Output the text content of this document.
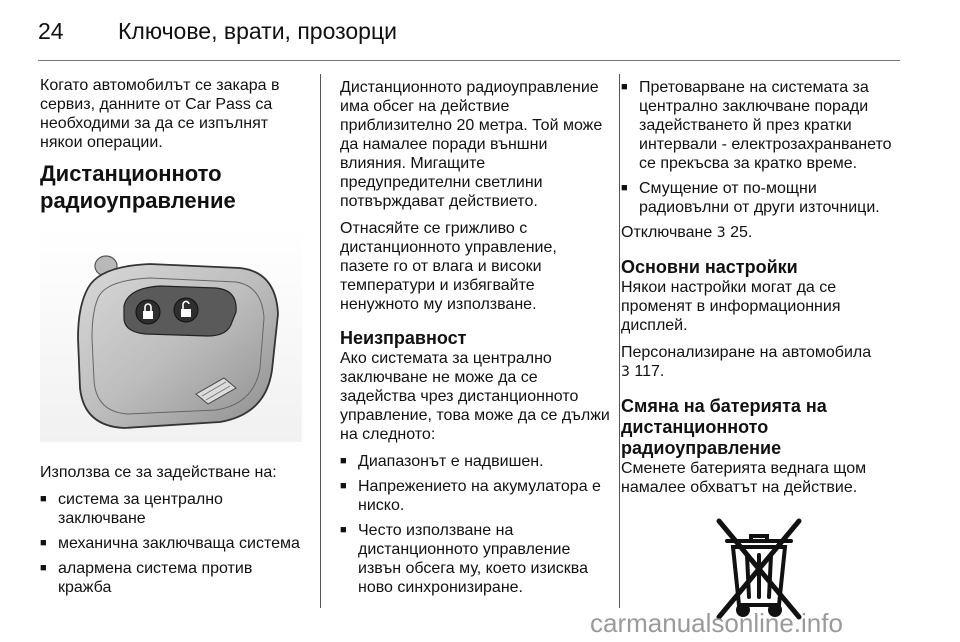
24 Ключове, врати, прозорци

Когато автомобилът се закара в сервиз, данните от Car Pass са необходими за да се изпълнят някои операции.

Дистанционното радиоуправление

Използва се за задействане на:

■ система за централно заключване
■ механична заключваща система
■ алармена система против кражба

Дистанционното радиоуправление има обсег на действие приблизително 20 метра. Той може да намалее поради външни влияния. Мигащите предупредителни светлини потвърждават действието.

Отнасяйте се грижливо с дистанционното управление, пазете го от влага и високи температури и избягвайте ненужното му използване.

Неизправност

Ако системата за централно заключване не може да се задейства чрез дистанционното управление, това може да се дължи на следното:

■ Диапазонът е надвишен.
■ Напрежението на акумулатора е ниско.
■ Често използване на дистанционното управление извън обсега му, което изисква ново синхронизиране.
■ Претоварване на системата за централно заключване поради задействането й през кратки интервали - електрозахранването се прекъсва за кратко време.
■ Смущение от по-мощни радиовълни от други източници.

Отключване 3 25.

Основни настройки

Някои настройки могат да се променят в информационния дисплей.

Персонализиране на автомобила
3 117.

Смяна на батерията на дистанционното радиоуправление

Сменете батерията веднага щом намалее обхватът на действие.

carmanualsonline.info
